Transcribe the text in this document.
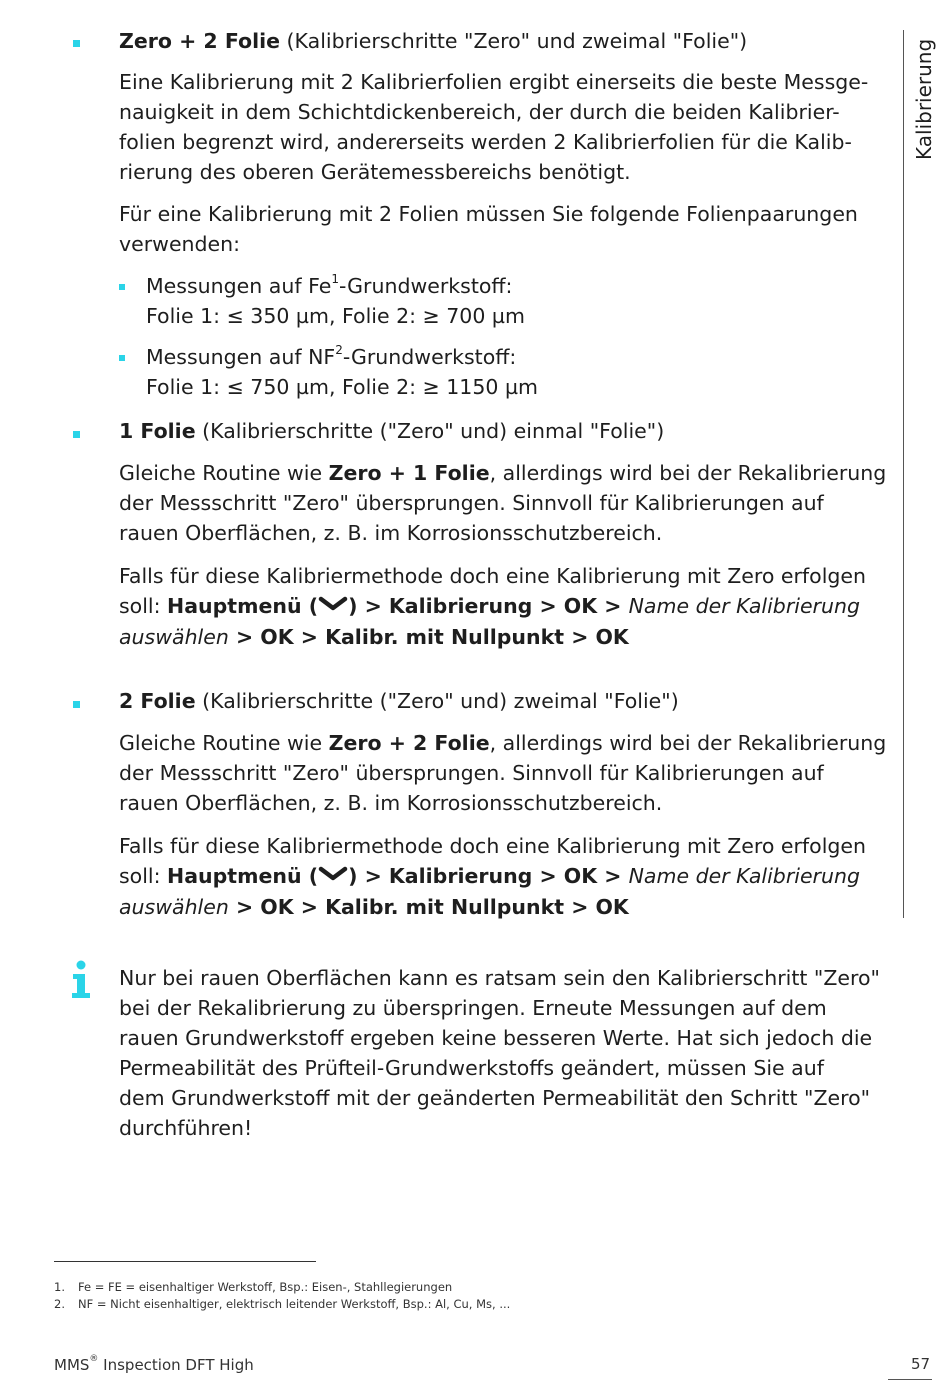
Kalibrierung
Zero + 2 Folie (Kalibrierschritte "Zero" und zweimal "Folie")
Eine Kalibrierung mit 2 Kalibrierfolien ergibt einerseits die beste Messge-
nauigkeit in dem Schichtdickenbereich, der durch die beiden Kalibrier-
folien begrenzt wird, andererseits werden 2 Kalibrierfolien für die Kalib-
rierung des oberen Gerätemessbereichs benötigt.
Für eine Kalibrierung mit 2 Folien müssen Sie folgende Folienpaarungen
verwenden:
Messungen auf Fe$^1$-Grundwerkstoff:
Folie 1: ≤ 350 µm, Folie 2: ≥ 700 µm
Messungen auf $NF^2$-Grundwerkstoff:
Folie 1: ≤ 750 µm, Folie 2: ≥ 1150 µm
1 Folie (Kalibrierschritte ("Zero" und) einmal "Folie")
Gleiche Routine wie Zero + 1 Folie, allerdings wird bei der Rekalibrierung
der Messschritt "Zero" übersprungen. Sinnvoll für Kalibrierungen auf
rauen Oberflächen, z. B. im Korrosionsschutzbereich.
Falls für diese Kalibriermethode doch eine Kalibrierung mit Zero erfolgen
soll: Hauptmenü ( ) > Kalibrierung > OK > Name der Kalibrierung
auswählen > OK > Kalibr. mit Nullpunkt > OK
2 Folie (Kalibrierschritte ("Zero" und) zweimal "Folie")
Gleiche Routine wie Zero + 2 Folie, allerdings wird bei der Rekalibrierung
der Messschritt "Zero" übersprungen. Sinnvoll für Kalibrierungen auf
rauen Oberflächen, z. B. im Korrosionsschutzbereich.
Falls für diese Kalibriermethode doch eine Kalibrierung mit Zero erfolgen
soll: Hauptmenü ( ) > Kalibrierung > OK > Name der Kalibrierung
auswählen > OK > Kalibr. mit Nullpunkt > OK
Nur bei rauen Oberflächen kann es ratsam sein den Kalibrierschritt "Zero"
bei der Rekalibrierung zu überspringen. Erneute Messungen auf dem
rauen Grundwerkstoff ergeben keine besseren Werte. Hat sich jedoch die
Permeabilität des Prüfteil-Grundwerkstoffs geändert, müssen Sie auf
dem Grundwerkstoff mit der geänderten Permeabilität den Schritt "Zero"
durchführen!
1. Fe = FE = eisenhaltiger Werkstoff, Bsp.: Eisen-, Stahllegierungen
2. NF = Nicht eisenhaltiger, elektrisch leitender Werkstoff, Bsp.: Al, Cu, Ms, ...
MMS® Inspection DFT High	57
